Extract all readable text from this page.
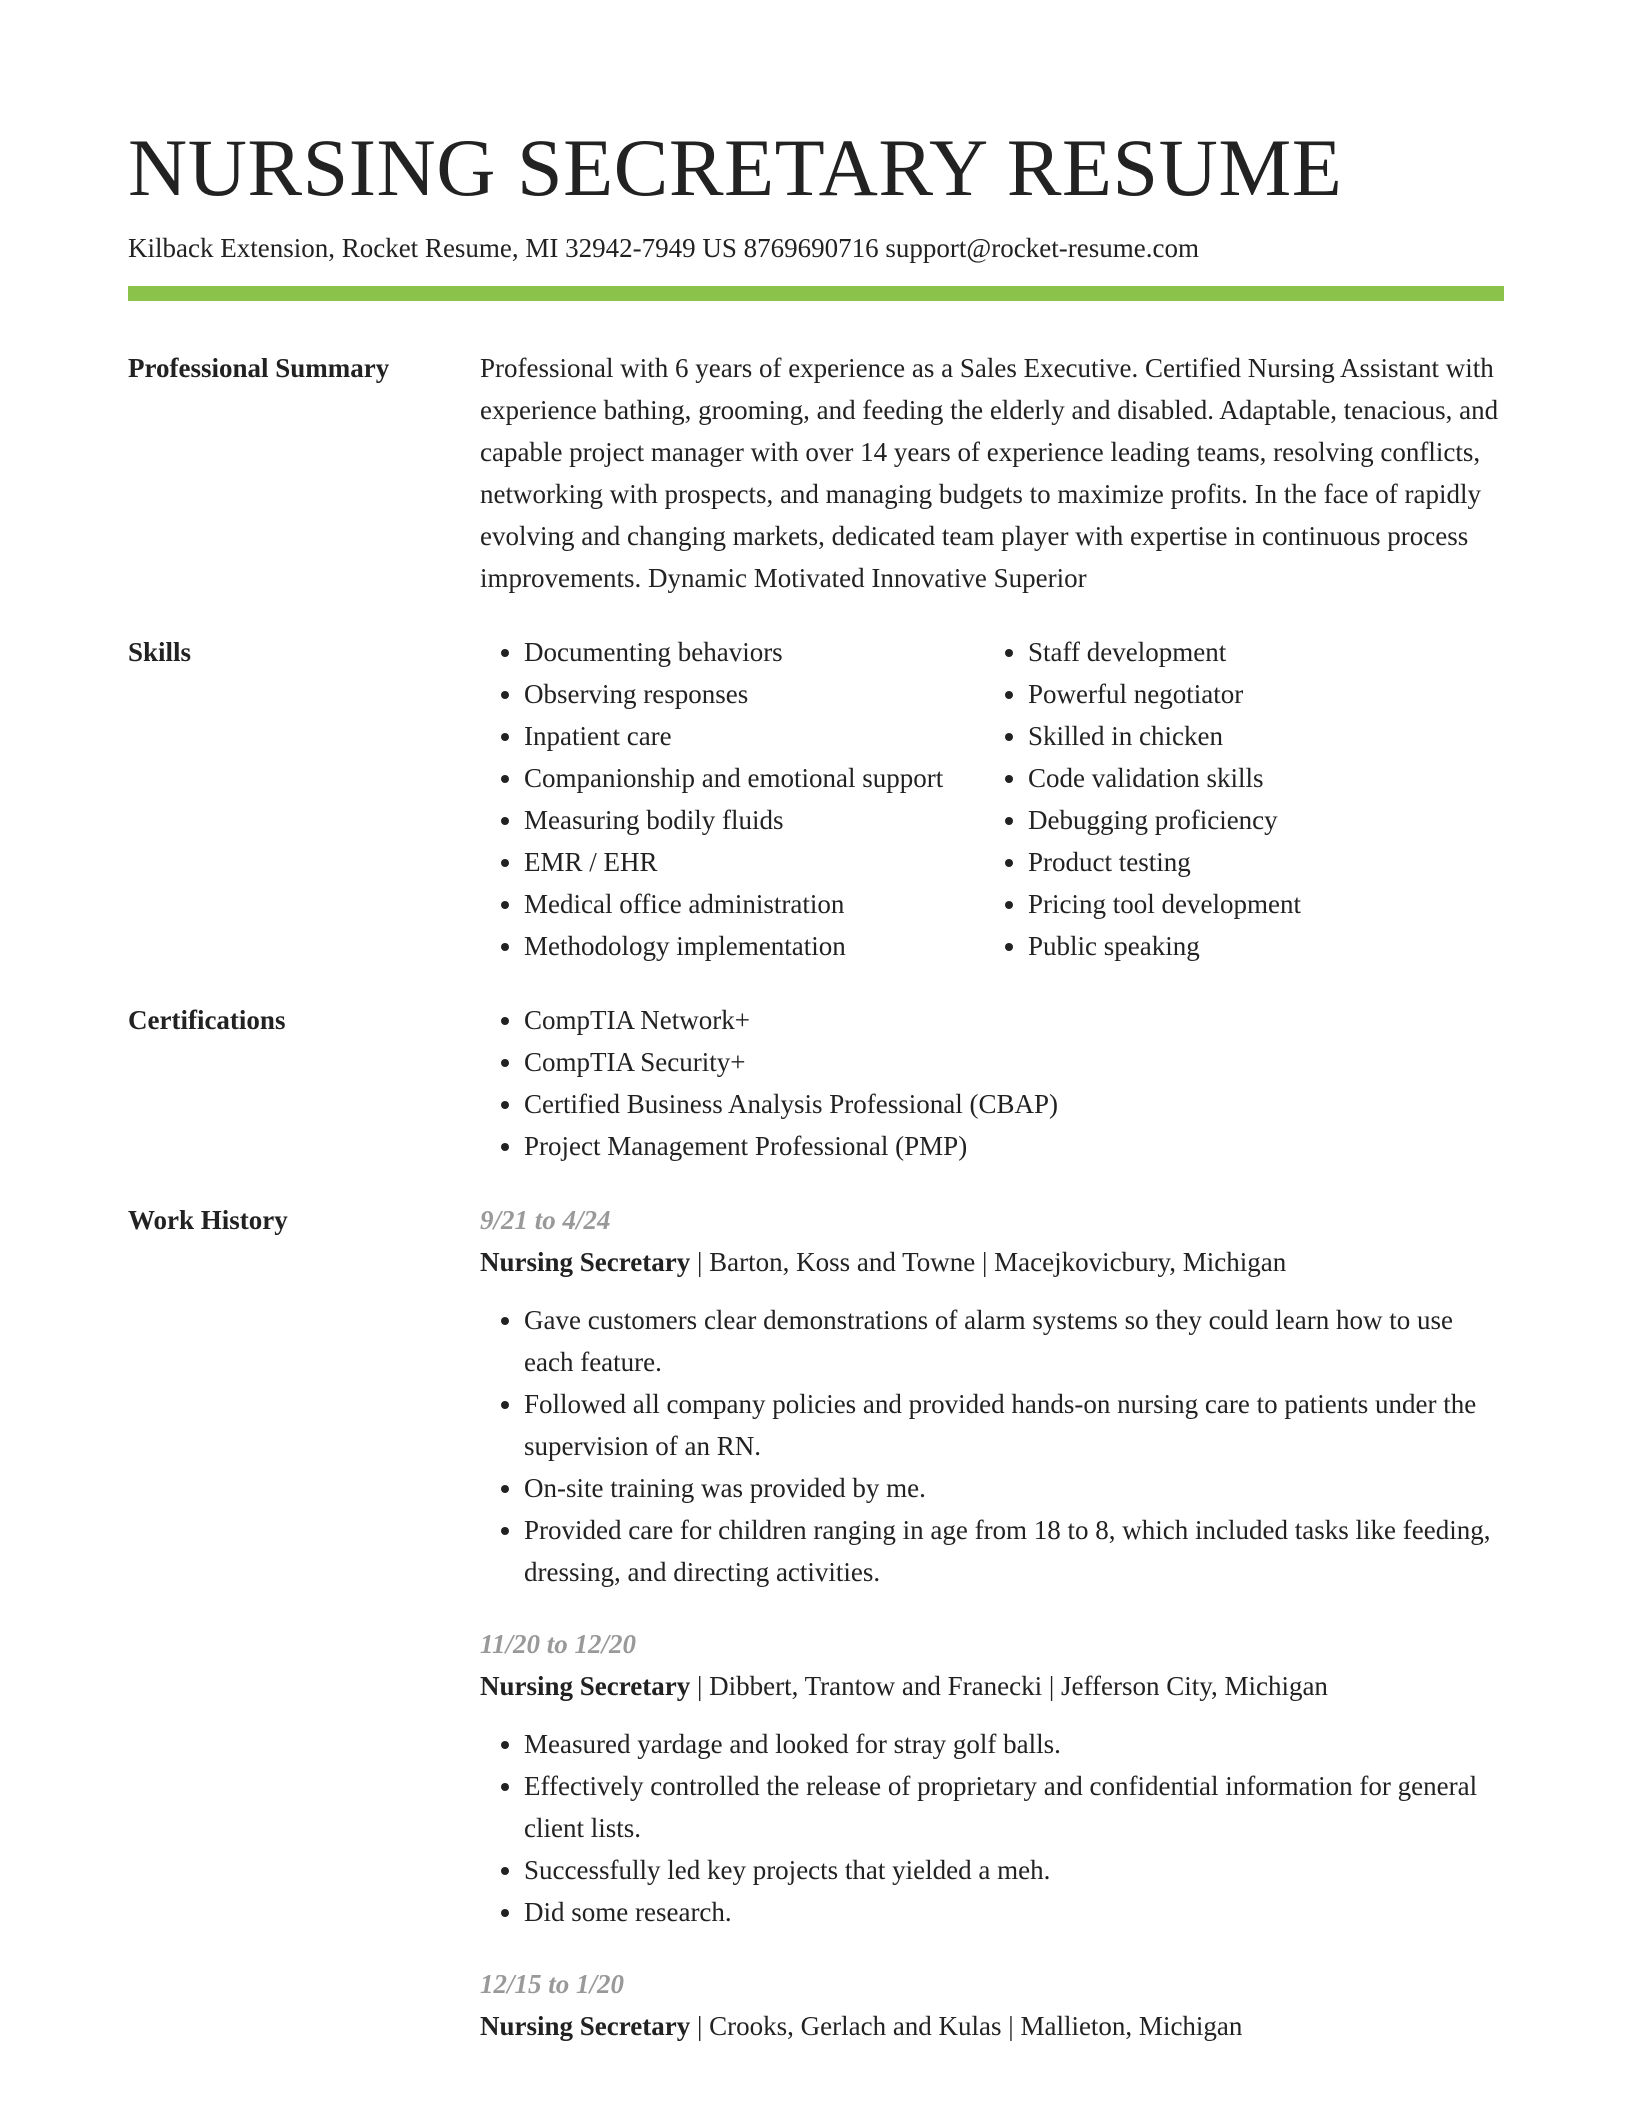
NURSING SECRETARY RESUME
Kilback Extension, Rocket Resume, MI 32942-7949 US 8769690716 support@rocket-resume.com
Professional Summary	Professional with 6 years of experience as a Sales Executive. Certified Nursing Assistant with experience bathing, grooming, and feeding the elderly and disabled. Adaptable, tenacious, and capable project manager with over 14 years of experience leading teams, resolving conflicts, networking with prospects, and managing budgets to maximize profits. In the face of rapidly evolving and changing markets, dedicated team player with expertise in continuous process improvements. Dynamic Motivated Innovative Superior

Skills	• Documenting behaviors
• Observing responses
• Inpatient care
• Companionship and emotional support
• Measuring bodily fluids
• EMR / EHR
• Medical office administration
• Methodology implementation
• Staff development
• Powerful negotiator
• Skilled in chicken
• Code validation skills
• Debugging proficiency
• Product testing
• Pricing tool development
• Public speaking
Certifications	• CompTIA Network+
• CompTIA Security+
• Certified Business Analysis Professional (CBAP)
• Project Management Professional (PMP)
Work History	9/21 to 4/24
Nursing Secretary | Barton, Koss and Towne | Macejkovicbury, Michigan
• Gave customers clear demonstrations of alarm systems so they could learn how to use each feature.
• Followed all company policies and provided hands-on nursing care to patients under the supervision of an RN.
• On-site training was provided by me.
• Provided care for children ranging in age from 18 to 8, which included tasks like feeding, dressing, and directing activities.
11/20 to 12/20
Nursing Secretary | Dibbert, Trantow and Franecki | Jefferson City, Michigan
• Measured yardage and looked for stray golf balls.
• Effectively controlled the release of proprietary and confidential information for general client lists.
• Successfully led key projects that yielded a meh.
• Did some research.
12/15 to 1/20
Nursing Secretary | Crooks, Gerlach and Kulas | Mallieton, Michigan
